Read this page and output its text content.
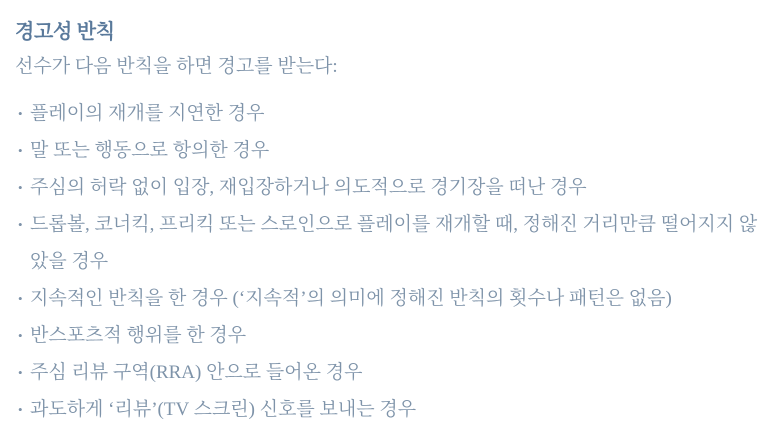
경고성 반칙

선수가 다음 반칙을 하면 경고를 받는다:

• 플레이의 재개를 지연한 경우
• 말 또는 행동으로 항의한 경우
• 주심의 허락 없이 입장, 재입장하거나 의도적으로 경기장을 떠난 경우
• 드롭볼, 코너킥, 프리킥 또는 스로인으로 플레이를 재개할 때, 정해진 거리만큼 떨어지지 않았을 경우
• 지속적인 반칙을 한 경우 (‘지속적’의 의미에 정해진 반칙의 횟수나 패턴은 없음)
• 반스포츠적 행위를 한 경우
• 주심 리뷰 구역(RRA) 안으로 들어온 경우
• 과도하게 ‘리뷰’(TV 스크린) 신호를 보내는 경우
